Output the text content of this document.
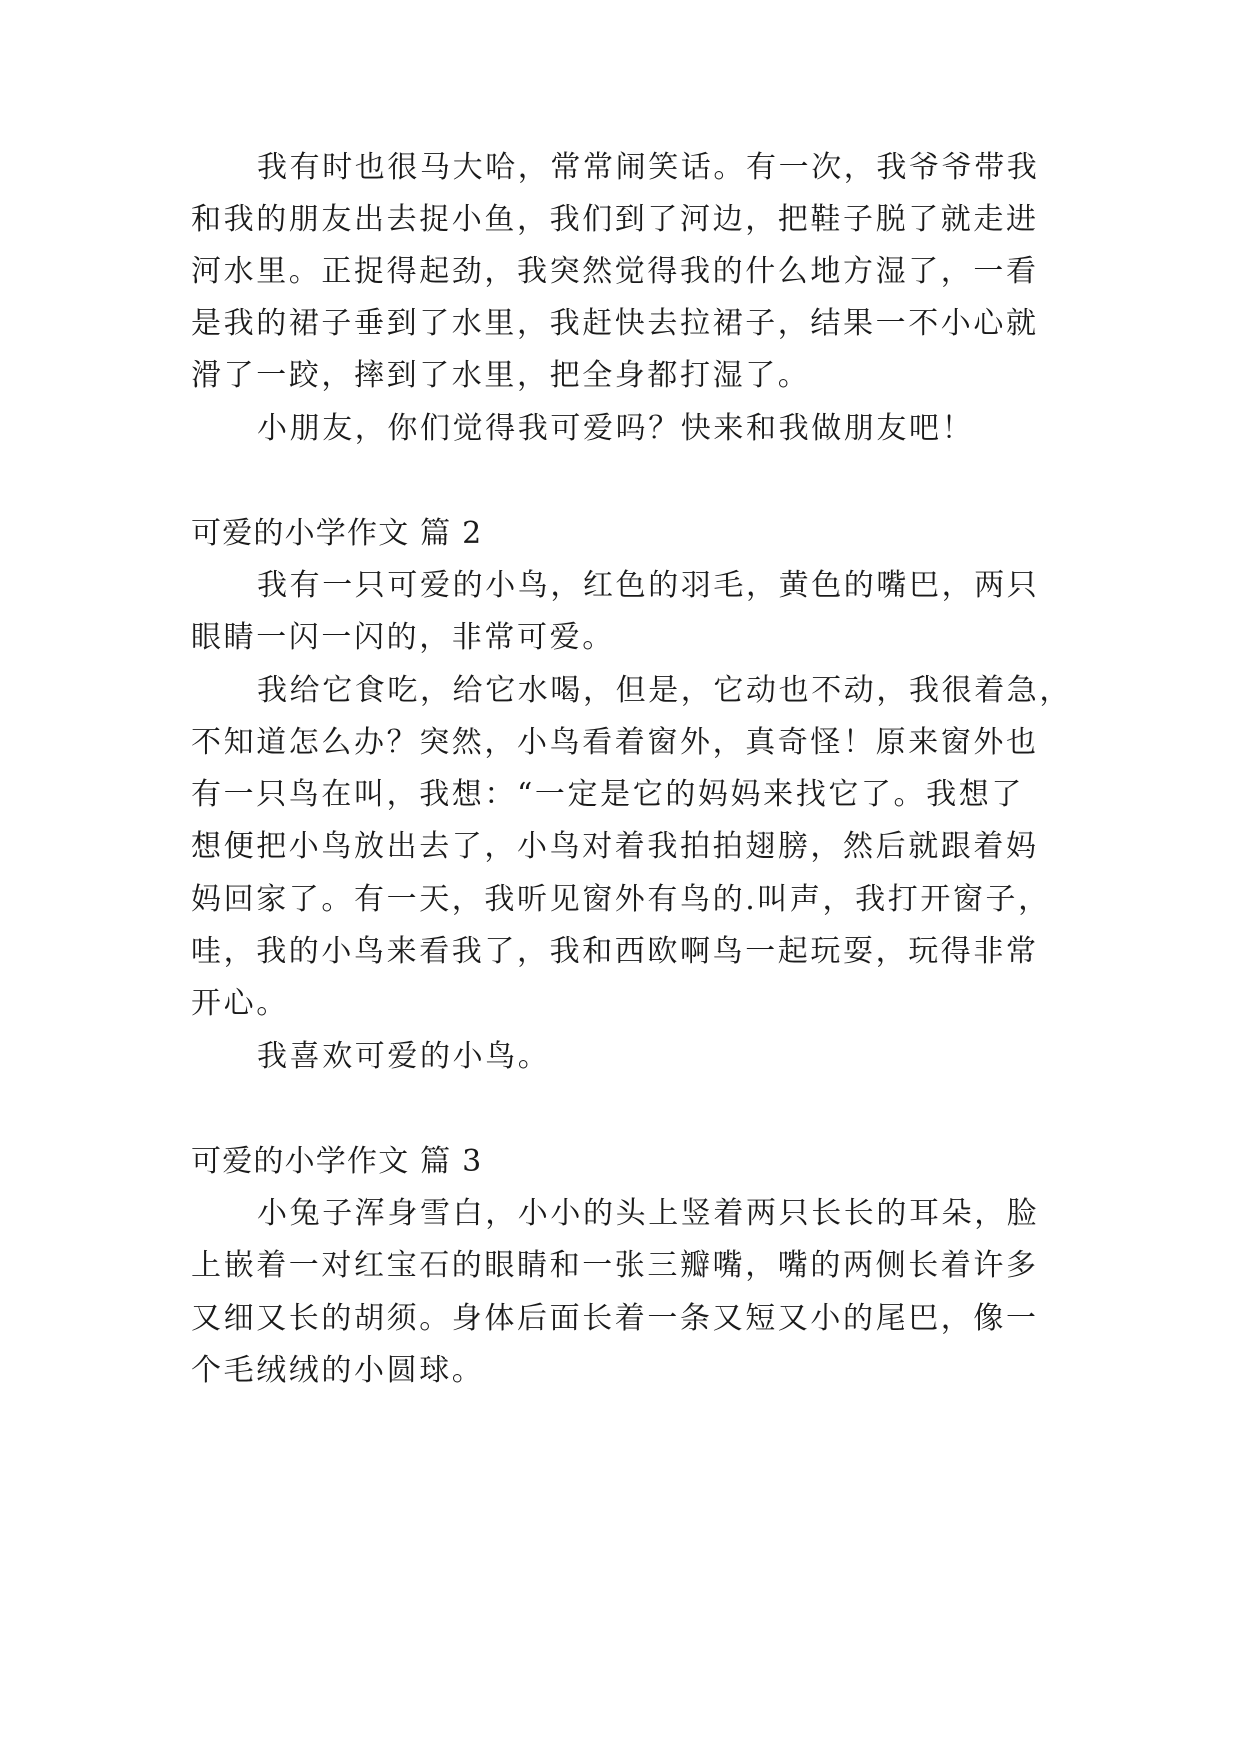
我有时也很马大哈，常常闹笑话。有一次，我爷爷带我

和我的朋友出去捉小鱼，我们到了河边，把鞋子脱了就走进

河水里。正捉得起劲，我突然觉得我的什么地方湿了，一看

是我的裙子垂到了水里，我赶快去拉裙子，结果一不小心就

滑了一跤，摔到了水里，把全身都打湿了。

小朋友，你们觉得我可爱吗？快来和我做朋友吧！

可爱的小学作文 篇 2

我有一只可爱的小鸟，红色的羽毛，黄色的嘴巴，两只

眼睛一闪一闪的，非常可爱。

我给它食吃，给它水喝，但是，它动也不动，我很着急，

不知道怎么办？突然，小鸟看着窗外，真奇怪！原来窗外也

有一只鸟在叫，我想：“一定是它的妈妈来找它了。我想了

想便把小鸟放出去了，小鸟对着我拍拍翅膀，然后就跟着妈

妈回家了。有一天，我听见窗外有鸟的.叫声，我打开窗子，

哇，我的小鸟来看我了，我和西欧啊鸟一起玩耍，玩得非常

开心。

我喜欢可爱的小鸟。

可爱的小学作文 篇 3

小兔子浑身雪白，小小的头上竖着两只长长的耳朵，脸

上嵌着一对红宝石的眼睛和一张三瓣嘴，嘴的两侧长着许多

又细又长的胡须。身体后面长着一条又短又小的尾巴，像一

个毛绒绒的小圆球。
